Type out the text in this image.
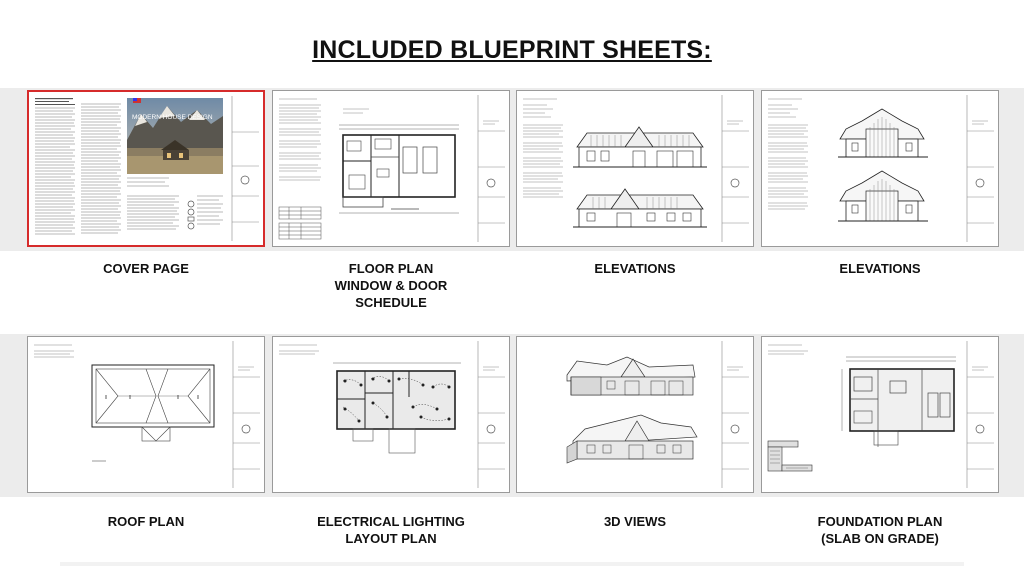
INCLUDED BLUEPRINT SHEETS:
MODERN HOUSE DESIGN
COVER PAGE	FLOOR PLAN
WINDOW & DOOR
SCHEDULE
ELEVATIONS	ELEVATIONS
ROOF PLAN	ELECTRICAL LIGHTING
LAYOUT PLAN
3D VIEWS	FOUNDATION PLAN
(SLAB ON GRADE)
